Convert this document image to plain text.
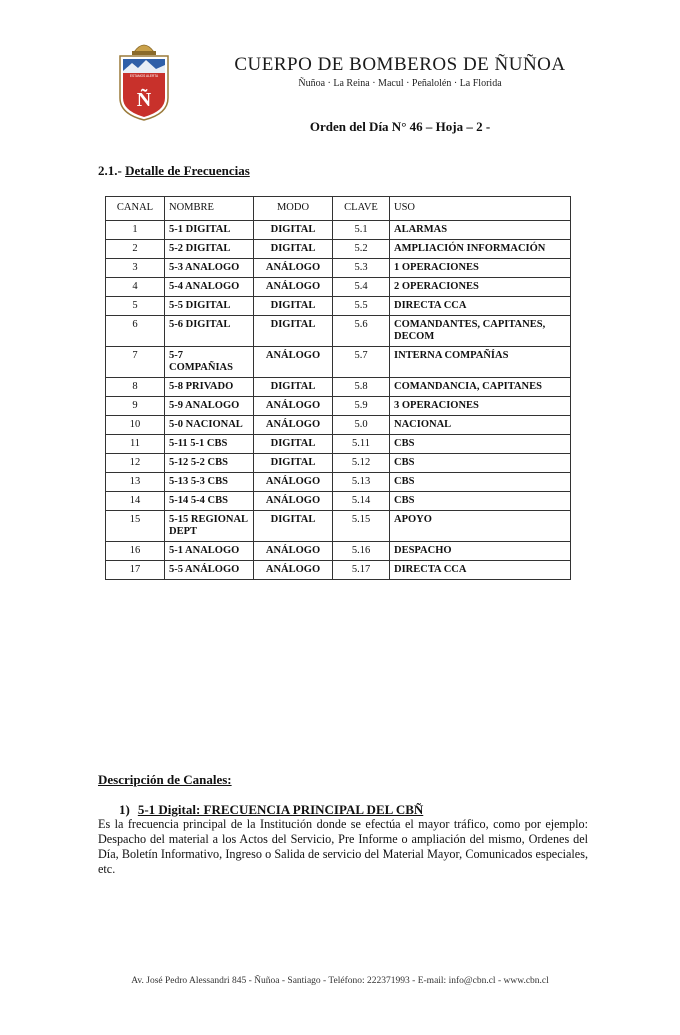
ESTAMOS ALERTA
Ñ
CUERPO DE BOMBEROS DE ÑUÑOA
Ñuñoa · La Reina · Macul · Peñalolén · La Florida
Orden del Día N° 46 – Hoja – 2 -
2.1.- Detalle de Frecuencias
CANAL	NOMBRE	MODO	CLAVE	USO
1	5-1 DIGITAL	DIGITAL	5.1	ALARMAS
2	5-2 DIGITAL	DIGITAL	5.2	AMPLIACIÓN INFORMACIÓN
3	5-3 ANALOGO	ANÁLOGO	5.3	1 OPERACIONES
4	5-4 ANALOGO	ANÁLOGO	5.4	2 OPERACIONES
5	5-5 DIGITAL	DIGITAL	5.5	DIRECTA CCA
6	5-6 DIGITAL	DIGITAL	5.6	COMANDANTES, CAPITANES, DECOM
7	5-7 COMPAÑIAS	ANÁLOGO	5.7	INTERNA COMPAÑÍAS
8	5-8 PRIVADO	DIGITAL	5.8	COMANDANCIA, CAPITANES
9	5-9 ANALOGO	ANÁLOGO	5.9	3 OPERACIONES
10	5-0 NACIONAL	ANÁLOGO	5.0	NACIONAL
11	5-11 5-1 CBS	DIGITAL	5.11	CBS
12	5-12 5-2 CBS	DIGITAL	5.12	CBS
13	5-13 5-3 CBS	ANÁLOGO	5.13	CBS
14	5-14 5-4 CBS	ANÁLOGO	5.14	CBS
15	5-15 REGIONAL DEPT	DIGITAL	5.15	APOYO
16	5-1 ANALOGO	ANÁLOGO	5.16	DESPACHO
17	5-5 ANÁLOGO	ANÁLOGO	5.17	DIRECTA CCA
Descripción de Canales:
1) 5-1 Digital: FRECUENCIA PRINCIPAL DEL CBÑ
Es la frecuencia principal de la Institución donde se efectúa el mayor tráfico, como por ejemplo: Despacho del material a los Actos del Servicio, Pre Informe o ampliación del mismo, Ordenes del Día, Boletín Informativo, Ingreso o Salida de servicio del Material Mayor, Comunicados especiales, etc.
Av. José Pedro Alessandri 845 - Ñuñoa - Santiago - Teléfono: 222371993 - E-mail: info@cbn.cl - www.cbn.cl
